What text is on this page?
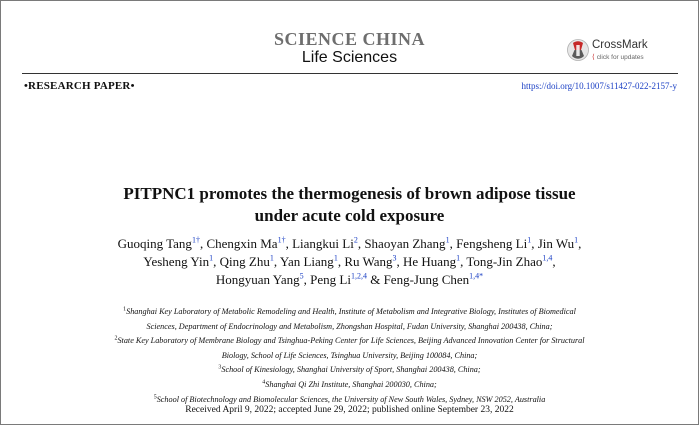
SCIENCE CHINA
Life Sciences
CrossMark
⟨ click for updates
•RESEARCH PAPER•	https://doi.org/10.1007/s11427-022-2157-y
PITPNC1 promotes the thermogenesis of brown adipose tissue
under acute cold exposure
Guoqing Tang$^{1\dagger}$, Chengxin $Ma^{1\dagger}$, Liangkui Li$^2$, Shaoyan Zhang$^1$, Fengsheng Li$^1$, Jin Wu$^1$,
Yesheng Yin$^1$, Qing Zhu$^1$, Yan Liang$^1$, Ru Wang$^3$, He Huang$^1$, Tong-Jin Zhao$^{1,4}$,
Hongyuan Yang$^5$, Peng Li$^{1,2,4}$ & Feng-Jung Chen$^{1,4*}$
$^1$Shanghai Key Laboratory of Metabolic Remodeling and Health, Institute of Metabolism and Integrative Biology, Institutes of Biomedical
Sciences, Department of Endocrinology and Metabolism, Zhongshan Hospital, Fudan University, Shanghai 200438, China;
$^2$State Key Laboratory of Membrane Biology and Tsinghua-Peking Center for Life Sciences, Beijing Advanced Innovation Center for Structural
Biology, School of Life Sciences, Tsinghua University, Beijing 100084, China;
$^3$School of Kinesiology, Shanghai University of Sport, Shanghai 200438, China;
$^4$Shanghai Qi Zhi Institute, Shanghai 200030, China;
$^5$School of Biotechnology and Biomolecular Sciences, the University of New South Wales, Sydney, NSW 2052, Australia
Received April 9, 2022; accepted June 29, 2022; published online September 23, 2022
